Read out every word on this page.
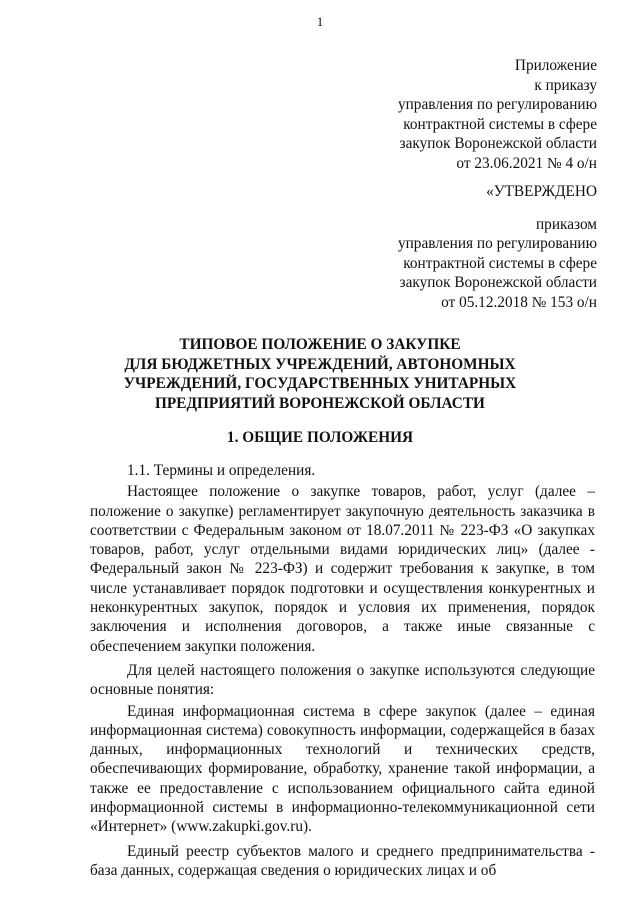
1
Приложение
к приказу
управления по регулированию
контрактной системы в сфере
закупок Воронежской области
от 23.06.2021 № 4 о/н
«УТВЕРЖДЕНО
приказом
управления по регулированию
контрактной системы в сфере
закупок Воронежской области
от 05.12.2018 № 153 о/н
ТИПОВОЕ ПОЛОЖЕНИЕ О ЗАКУПКЕ
ДЛЯ БЮДЖЕТНЫХ УЧРЕЖДЕНИЙ, АВТОНОМНЫХ
УЧРЕЖДЕНИЙ, ГОСУДАРСТВЕННЫХ УНИТАРНЫХ
ПРЕДПРИЯТИЙ ВОРОНЕЖСКОЙ ОБЛАСТИ
1. ОБЩИЕ ПОЛОЖЕНИЯ

1.1. Термины и определения.

Настоящее положение о закупке товаров, работ, услуг (далее – положение о закупке) регламентирует закупочную деятельность заказчика в соответствии с Федеральным законом от 18.07.2011 № 223-ФЗ «О закупках товаров, работ, услуг отдельными видами юридических лиц» (далее - Федеральный закон № 223-ФЗ) и содержит требования к закупке, в том числе устанавливает порядок подготовки и осуществления конкурентных и неконкурентных закупок, порядок и условия их применения, порядок заключения и исполнения договоров, а также иные связанные с обеспечением закупки положения.

Для целей настоящего положения о закупке используются следующие основные понятия:

Единая информационная система в сфере закупок (далее – единая информационная система) совокупность информации, содержащейся в базах данных, информационных технологий и технических средств, обеспечивающих формирование, обработку, хранение такой информации, а также ее предоставление с использованием официального сайта единой информационной системы в информационно-телекоммуникационной сети «Интернет» (www.zakupki.gov.ru).

Единый реестр субъектов малого и среднего предпринимательства - база данных, содержащая сведения о юридических лицах и об
